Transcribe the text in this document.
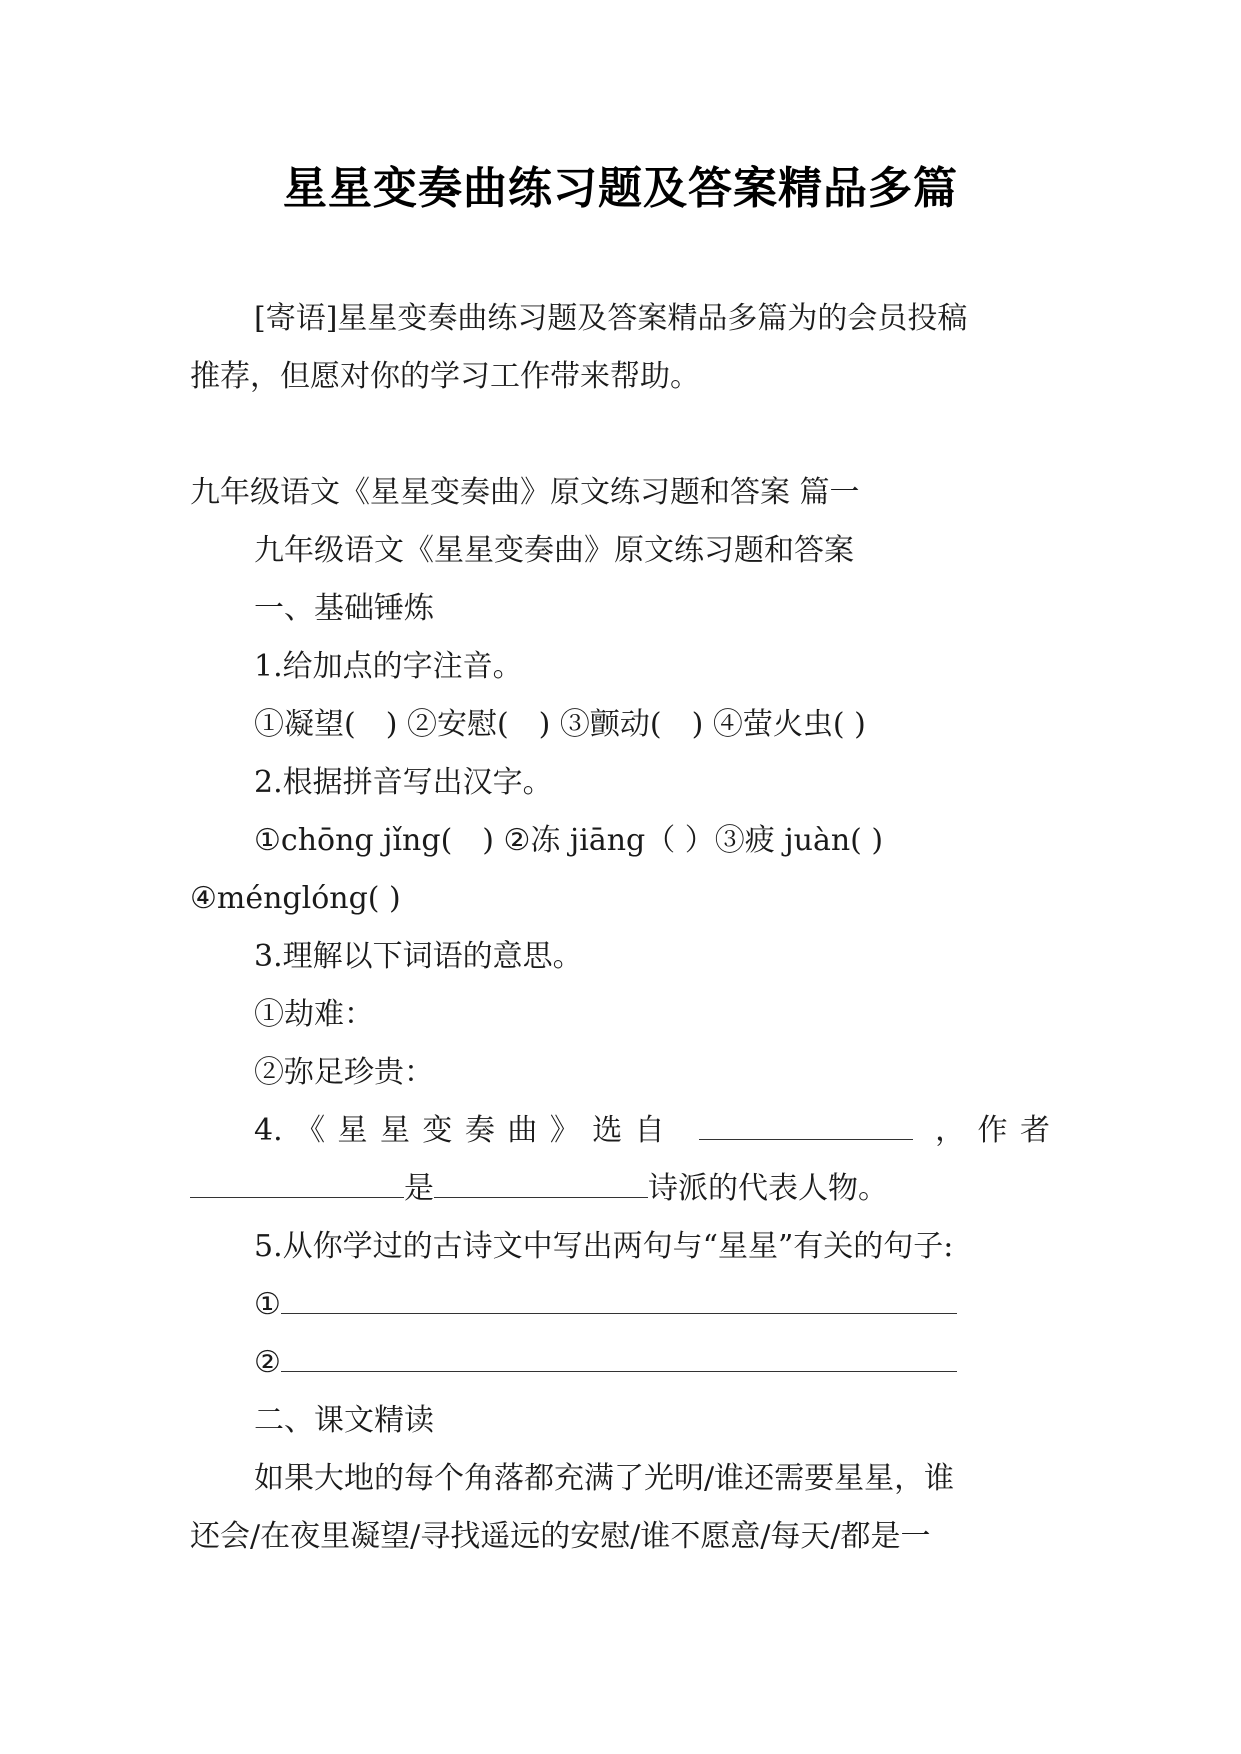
星星变奏曲练习题及答案精品多篇

[寄语]星星变奏曲练习题及答案精品多篇为的会员投稿

推荐，但愿对你的学习工作带来帮助。

九年级语文《星星变奏曲》原文练习题和答案 篇一

九年级语文《星星变奏曲》原文练习题和答案

一、基础锤炼

1.给加点的字注音。

①凝望(　) ②安慰(　) ③颤动(　) ④萤火虫( )

2.根据拼音写出汉字。

①chōng jǐng(　) ②冻 jiāng（ ）③疲 juàn( )

④ménglóng( )

3.理解以下词语的意思。

①劫难：

②弥足珍贵：

4.《星星变奏曲》选自	，作者

是	诗派的代表人物。

5.从你学过的古诗文中写出两句与“星星”有关的句子:

①

②

二、课文精读

如果大地的每个角落都充满了光明/谁还需要星星，谁

还会/在夜里凝望/寻找遥远的安慰/谁不愿意/每天/都是一
